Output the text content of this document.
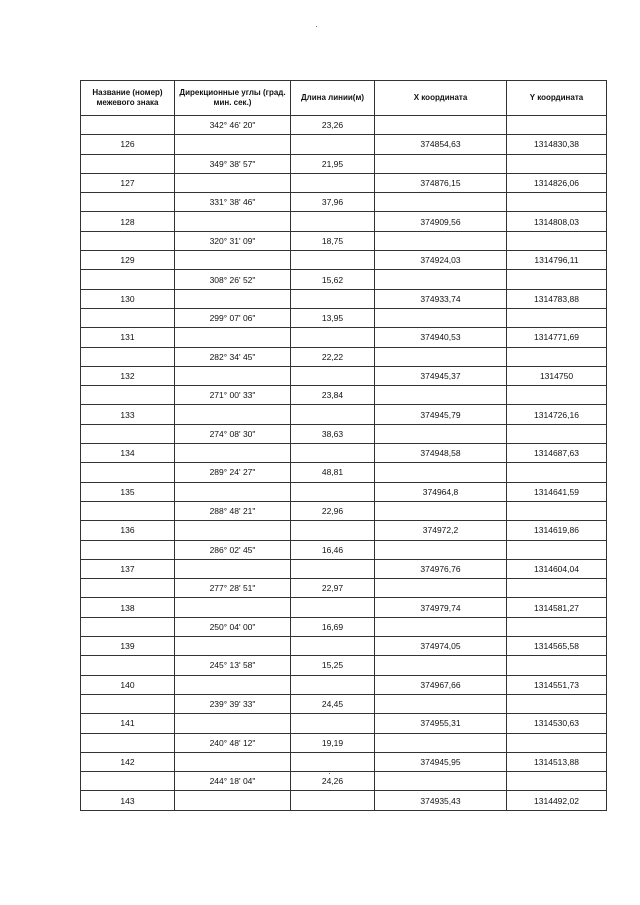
Название (номер) межевого знака	Дирекционные углы (град. мин. сек.)	Длина линии(м)	X координата	Y координата
	342° 46' 20"	23,26		
126			374854,63	1314830,38
	349° 38' 57"	21,95		
127			374876,15	1314826,06
	331° 38' 46"	37,96		
128			374909,56	1314808,03
	320° 31' 09"	18,75		
129			374924,03	1314796,11
	308° 26' 52"	15,62		
130			374933,74	1314783,88
	299° 07' 06"	13,95		
131			374940,53	1314771,69
	282° 34' 45"	22,22		
132			374945,37	1314750
	271° 00' 33"	23,84		
133			374945,79	1314726,16
	274° 08' 30"	38,63		
134			374948,58	1314687,63
	289° 24' 27"	48,81		
135			374964,8	1314641,59
	288° 48' 21"	22,96		
136			374972,2	1314619,86
	286° 02' 45"	16,46		
137			374976,76	1314604,04
	277° 28' 51"	22,97		
138			374979,74	1314581,27
	250° 04' 00"	16,69		
139			374974,05	1314565,58
	245° 13' 58"	15,25		
140			374967,66	1314551,73
	239° 39' 33"	24,45		
141			374955,31	1314530,63
	240° 48' 12"	19,19		
142			374945,95	1314513,88
	244° 18' 04"	24,26		
143			374935,43	1314492,02
